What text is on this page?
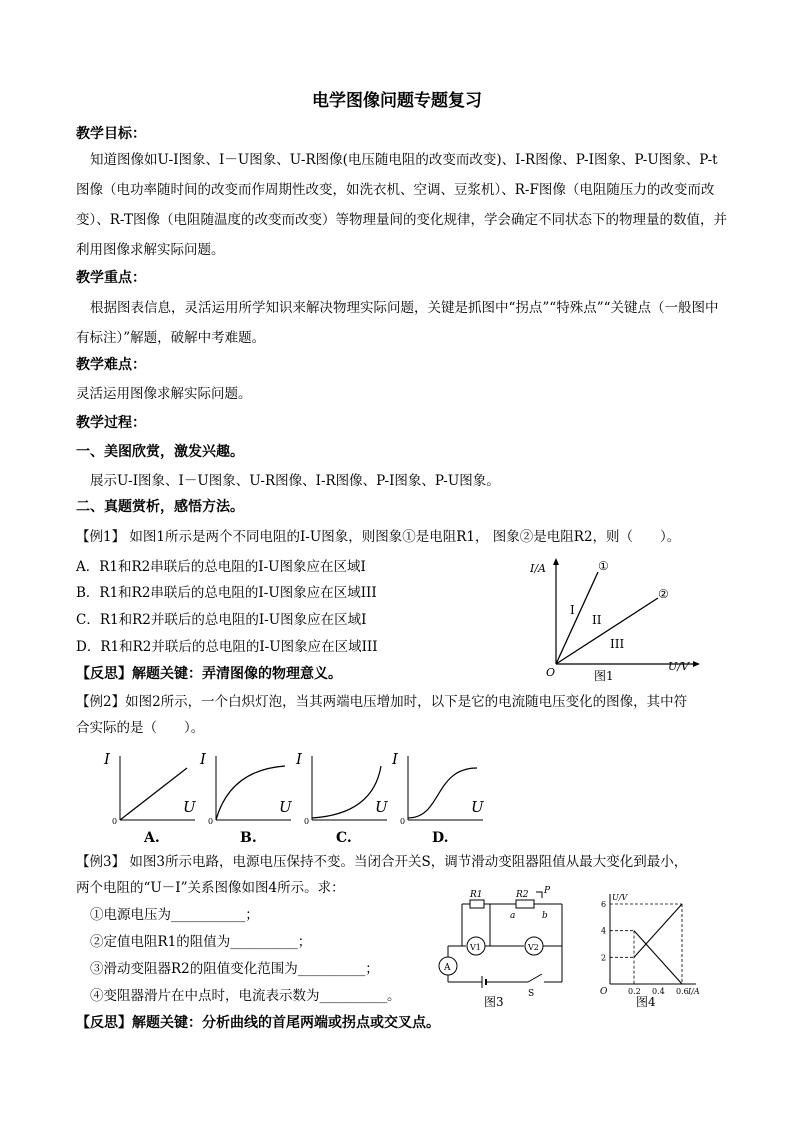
电学图像问题专题复习
教学目标：
知道图像如U-I图象、I－U图象、U-R图像(电压随电阻的改变而改变)、I-R图像、P-I图象、P-U图象、P-t图像（电功率随时间的改变而作周期性改变，如洗衣机、空调、豆浆机）、R-F图像（电阻随压力的改变而改变）、R-T图像（电阻随温度的改变而改变）等物理量间的变化规律，学会确定不同状态下的物理量的数值，并利用图像求解实际问题。
教学重点：
根据图表信息，灵活运用所学知识来解决物理实际问题，关键是抓图中“拐点”“特殊点”“关键点（一般图中有标注）”解题，破解中考难题。
教学难点：
灵活运用图像求解实际问题。
教学过程：
一、美图欣赏，激发兴趣。
展示U-I图象、I－U图象、U-R图像、I-R图像、P-I图象、P-U图象。
二、真题赏析，感悟方法。
【例1】 如图1所示是两个不同电阻的I-U图象，则图象①是电阻R1， 图象②是电阻R2，则（　　）。
A．R1和R2串联后的总电阻的I-U图象应在区域I
B．R1和R2串联后的总电阻的I-U图象应在区域III
C．R1和R2并联后的总电阻的I-U图象应在区域I
D．R1和R2并联后的总电阻的I-U图象应在区域III
【反思】解题关键：弄清图像的物理意义。
I/A
U/V
O
①
②
I
II
III
图1
【例2】如图2所示，一个白炽灯泡，当其两端电压增加时，以下是它的电流随电压变化的图像，其中符
合实际的是（　　）。
I
U
0
A.
I
U
0
B.
I
U
0
C.
I
U
0
D.
【例3】 如图3所示电路，电源电压保持不变。当闭合开关S，调节滑动变阻器阻值从最大变化到最小，
两个电阻的“U－I”关系图像如图4所示。求：
①电源电压为___________；
②定值电阻R1的阻值为__________；
③滑动变阻器R2的阻值变化范围为__________；
④变阻器滑片在中点时，电流表示数为__________。
【反思】解题关键：分析曲线的首尾两端或拐点或交叉点。
R1	R2 P
a	b
V1	V2
A
S
图3
2
4
6
0.2 0.4 0.6
U/V
I/A
O
图4
